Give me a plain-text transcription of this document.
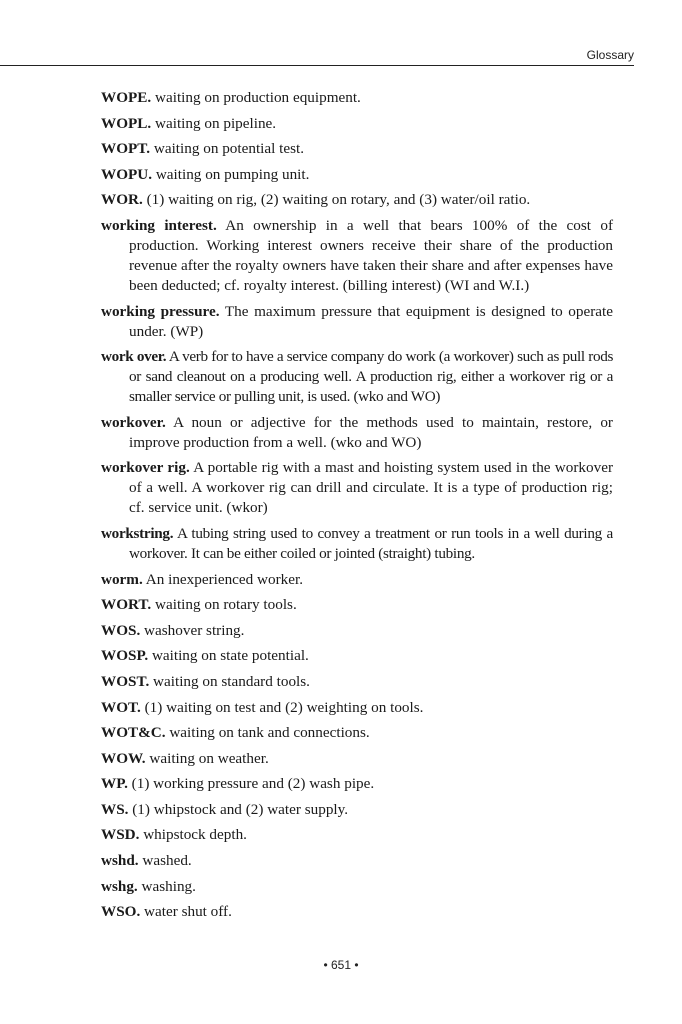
Glossary
WOPE. waiting on production equipment.
WOPL. waiting on pipeline.
WOPT. waiting on potential test.
WOPU. waiting on pumping unit.
WOR. (1) waiting on rig, (2) waiting on rotary, and (3) water/oil ratio.
working interest. An ownership in a well that bears 100% of the cost of production. Working interest owners receive their share of the production revenue after the royalty owners have taken their share and after expenses have been deducted; cf. royalty interest. (billing interest) (WI and W.I.)
working pressure. The maximum pressure that equipment is designed to operate under. (WP)
work over. A verb for to have a service company do work (a workover) such as pull rods or sand cleanout on a producing well. A production rig, either a workover rig or a smaller service or pulling unit, is used. (wko and WO)
workover. A noun or adjective for the methods used to maintain, restore, or improve production from a well. (wko and WO)
workover rig. A portable rig with a mast and hoisting system used in the workover of a well. A workover rig can drill and circulate. It is a type of production rig; cf. service unit. (wkor)
workstring. A tubing string used to convey a treatment or run tools in a well during a workover. It can be either coiled or jointed (straight) tubing.
worm. An inexperienced worker.
WORT. waiting on rotary tools.
WOS. washover string.
WOSP. waiting on state potential.
WOST. waiting on standard tools.
WOT. (1) waiting on test and (2) weighting on tools.
WOT&C. waiting on tank and connections.
WOW. waiting on weather.
WP. (1) working pressure and (2) wash pipe.
WS. (1) whipstock and (2) water supply.
WSD. whipstock depth.
wshd. washed.
wshg. washing.
WSO. water shut off.
• 651 •
